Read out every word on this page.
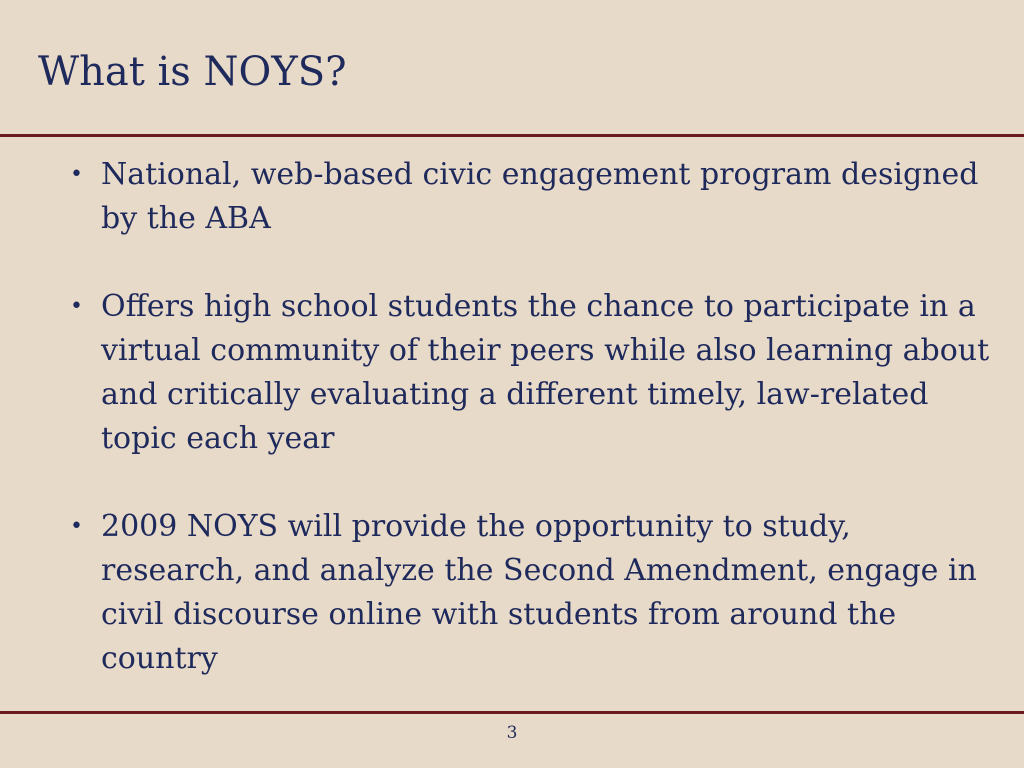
What is NOYS?
• National, web-based civic engagement program designed by the ABA
• Offers high school students the chance to participate in a virtual community of their peers while also learning about and critically evaluating a different timely, law-related topic each year
• 2009 NOYS will provide the opportunity to study, research, and analyze the Second Amendment, engage in civil discourse online with students from around the country
3
